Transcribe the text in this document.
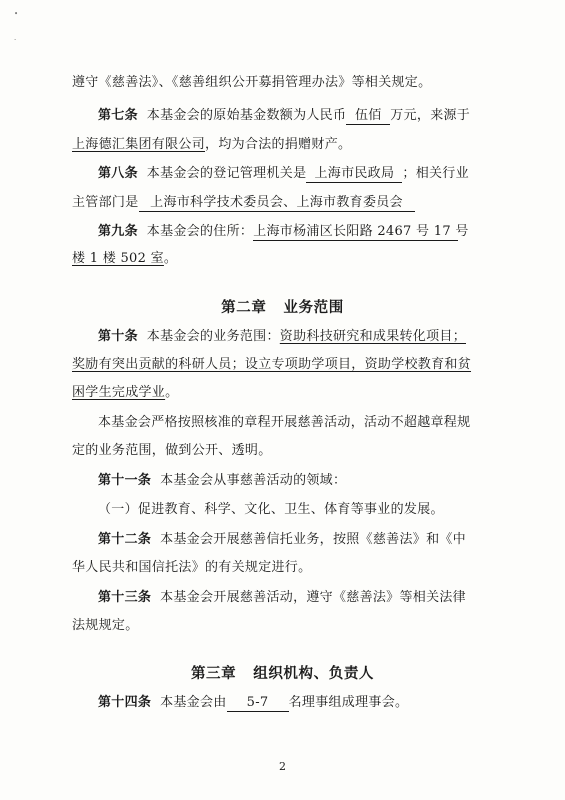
•
·
遵守《慈善法》、《慈善组织公开募捐管理办法》等相关规定。
第七条 本基金会的原始基金数额为人民币 伍佰 万元，来源于
上海德汇集团有限公司，均为合法的捐赠财产。
第八条 本基金会的登记管理机关是 上海市民政局 ；相关行业
主管部门是 上海市科学技术委员会、上海市教育委员会
第九条 本基金会的住所：上海市杨浦区长阳路 2467 号 17 号
楼 1 楼 502 室。
第二章 业务范围
第十条 本基金会的业务范围：资助科技研究和成果转化项目；
奖励有突出贡献的科研人员；设立专项助学项目，资助学校教育和贫
困学生完成学业。
本基金会严格按照核准的章程开展慈善活动，活动不超越章程规
定的业务范围，做到公开、透明。
第十一条 本基金会从事慈善活动的领域：
（一）促进教育、科学、文化、卫生、体育等事业的发展。
第十二条 本基金会开展慈善信托业务，按照《慈善法》和《中
华人民共和国信托法》的有关规定进行。
第十三条 本基金会开展慈善活动，遵守《慈善法》等相关法律
法规规定。
第三章 组织机构、负责人
第十四条 本基金会由 5-7 名理事组成理事会。
2
